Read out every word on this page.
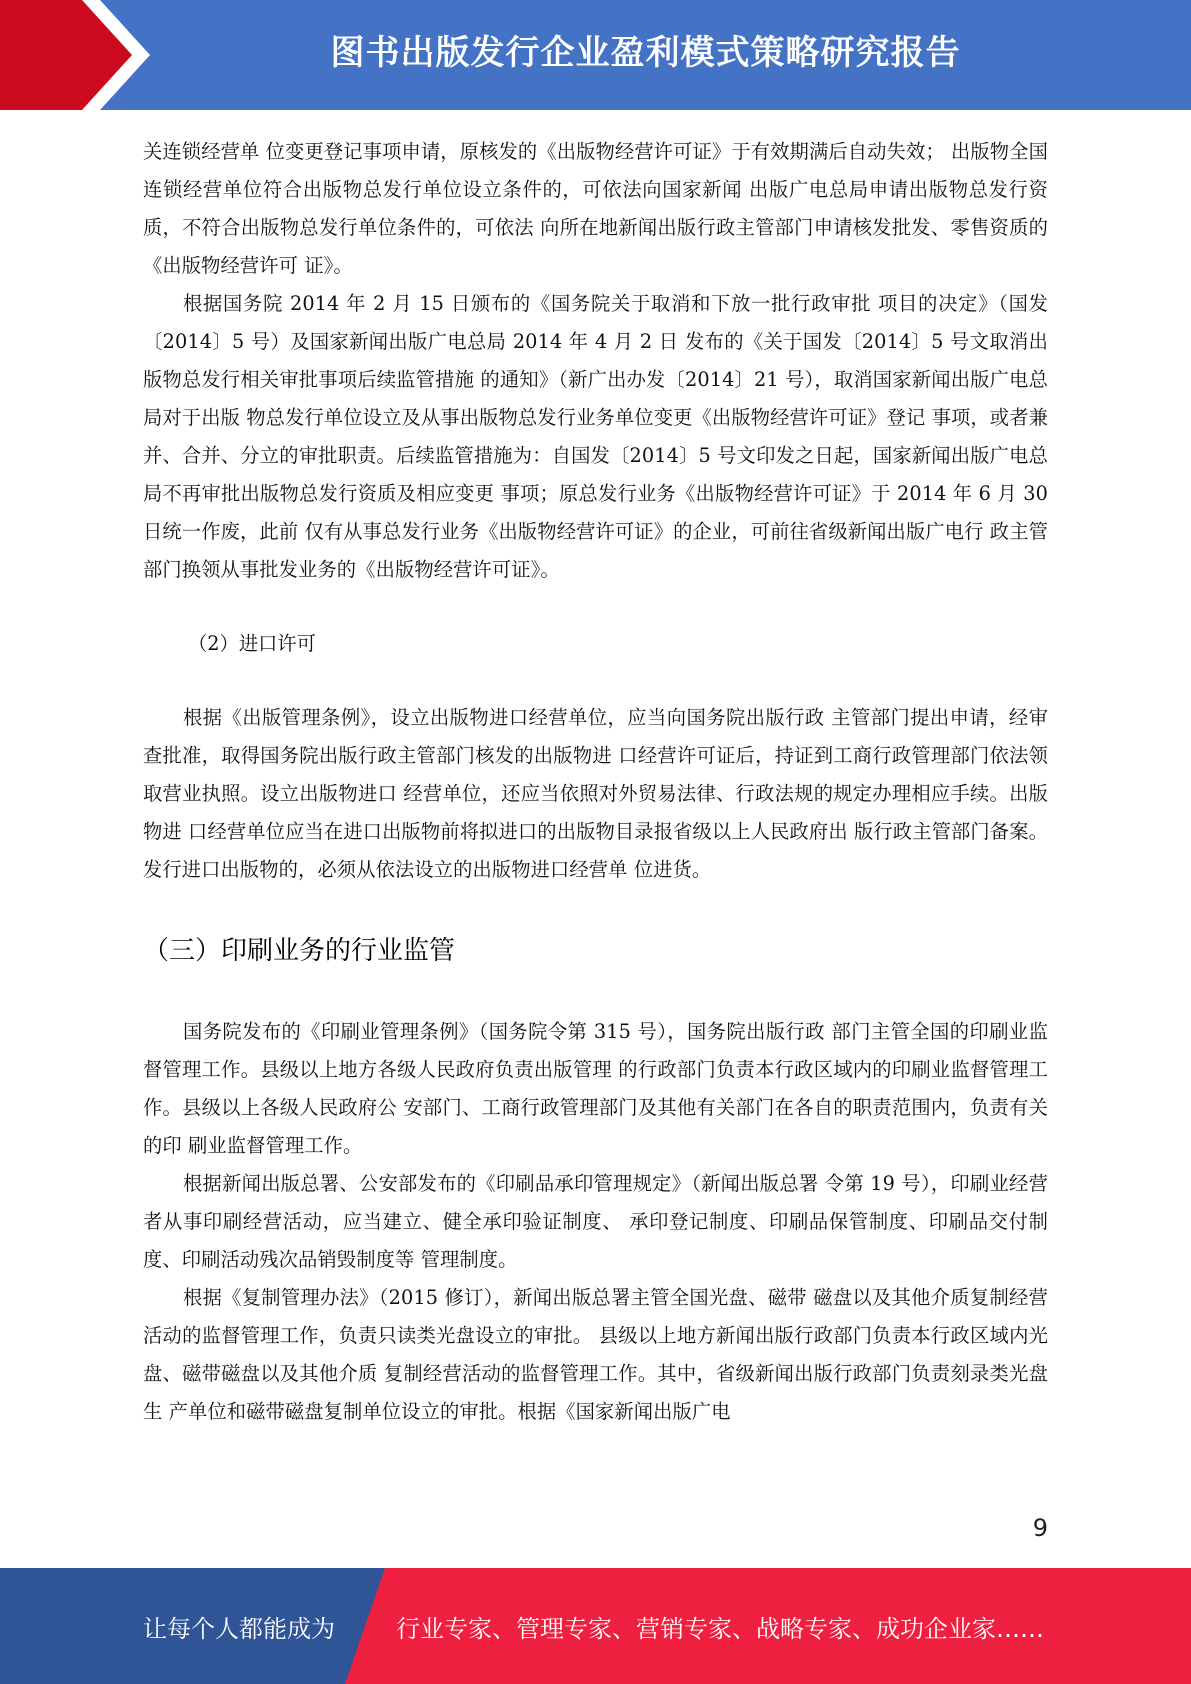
图书出版发行企业盈利模式策略研究报告

关连锁经营单 位变更登记事项申请，原核发的《出版物经营许可证》于有效期满后自动失效； 出版物全国连锁经营单位符合出版物总发行单位设立条件的，可依法向国家新闻 出版广电总局申请出版物总发行资质，不符合出版物总发行单位条件的，可依法 向所在地新闻出版行政主管部门申请核发批发、零售资质的《出版物经营许可 证》。

根据国务院 2014 年 2 月 15 日颁布的《国务院关于取消和下放一批行政审批 项目的决定》（国发〔2014〕5 号）及国家新闻出版广电总局 2014 年 4 月 2 日 发布的《关于国发〔2014〕5 号文取消出版物总发行相关审批事项后续监管措施 的通知》（新广出办发〔2014〕21 号），取消国家新闻出版广电总局对于出版 物总发行单位设立及从事出版物总发行业务单位变更《出版物经营许可证》登记 事项，或者兼并、合并、分立的审批职责。后续监管措施为：自国发〔2014〕5 号文印发之日起，国家新闻出版广电总局不再审批出版物总发行资质及相应变更 事项；原总发行业务《出版物经营许可证》于 2014 年 6 月 30 日统一作废，此前 仅有从事总发行业务《出版物经营许可证》的企业，可前往省级新闻出版广电行 政主管部门换领从事批发业务的《出版物经营许可证》。

（2）进口许可

根据《出版管理条例》，设立出版物进口经营单位，应当向国务院出版行政 主管部门提出申请，经审查批准，取得国务院出版行政主管部门核发的出版物进 口经营许可证后，持证到工商行政管理部门依法领取营业执照。设立出版物进口 经营单位，还应当依照对外贸易法律、行政法规的规定办理相应手续。出版物进 口经营单位应当在进口出版物前将拟进口的出版物目录报省级以上人民政府出 版行政主管部门备案。发行进口出版物的，必须从依法设立的出版物进口经营单 位进货。

（三）印刷业务的行业监管

国务院发布的《印刷业管理条例》（国务院令第 315 号），国务院出版行政 部门主管全国的印刷业监督管理工作。县级以上地方各级人民政府负责出版管理 的行政部门负责本行政区域内的印刷业监督管理工作。县级以上各级人民政府公 安部门、工商行政管理部门及其他有关部门在各自的职责范围内，负责有关的印 刷业监督管理工作。

根据新闻出版总署、公安部发布的《印刷品承印管理规定》（新闻出版总署 令第 19 号），印刷业经营者从事印刷经营活动，应当建立、健全承印验证制度、 承印登记制度、印刷品保管制度、印刷品交付制度、印刷活动残次品销毁制度等 管理制度。

根据《复制管理办法》（2015 修订），新闻出版总署主管全国光盘、磁带 磁盘以及其他介质复制经营活动的监督管理工作，负责只读类光盘设立的审批。 县级以上地方新闻出版行政部门负责本行政区域内光盘、磁带磁盘以及其他介质 复制经营活动的监督管理工作。其中，省级新闻出版行政部门负责刻录类光盘生 产单位和磁带磁盘复制单位设立的审批。根据《国家新闻出版广电

9
让每个人都能成为	行业专家、管理专家、营销专家、战略专家、成功企业家……
